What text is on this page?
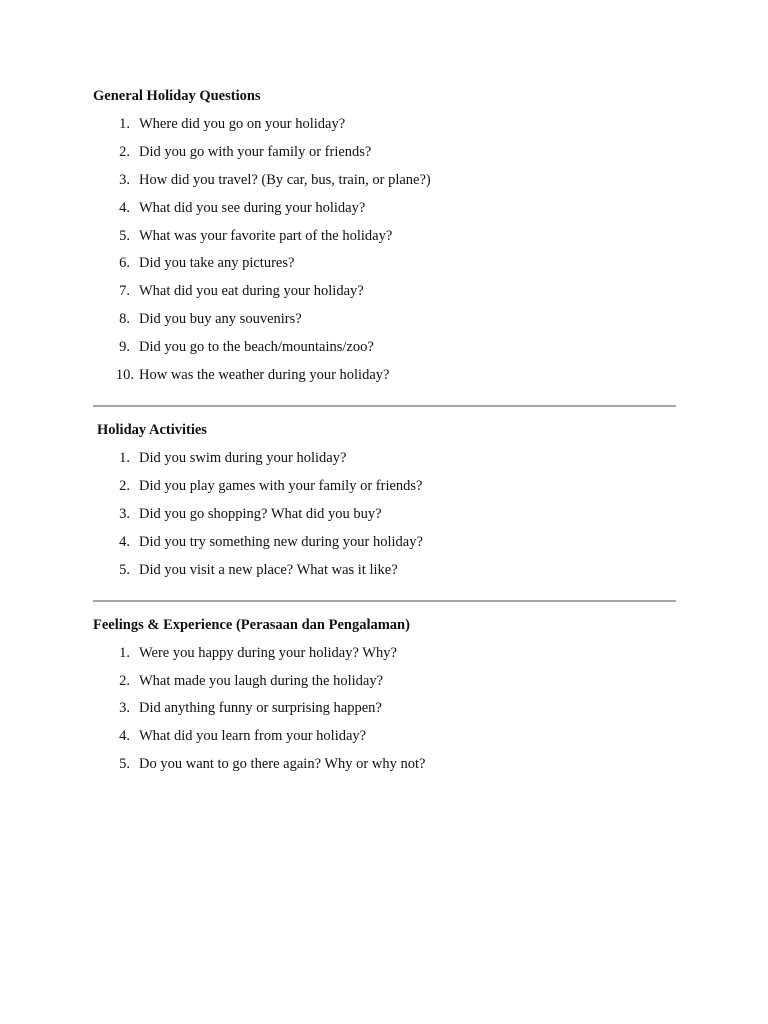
General Holiday Questions
1. Where did you go on your holiday?
2. Did you go with your family or friends?
3. How did you travel? (By car, bus, train, or plane?)
4. What did you see during your holiday?
5. What was your favorite part of the holiday?
6. Did you take any pictures?
7. What did you eat during your holiday?
8. Did you buy any souvenirs?
9. Did you go to the beach/mountains/zoo?
10. How was the weather during your holiday?
Holiday Activities
1. Did you swim during your holiday?
2. Did you play games with your family or friends?
3. Did you go shopping? What did you buy?
4. Did you try something new during your holiday?
5. Did you visit a new place? What was it like?
Feelings & Experience (Perasaan dan Pengalaman)
1. Were you happy during your holiday? Why?
2. What made you laugh during the holiday?
3. Did anything funny or surprising happen?
4. What did you learn from your holiday?
5. Do you want to go there again? Why or why not?
